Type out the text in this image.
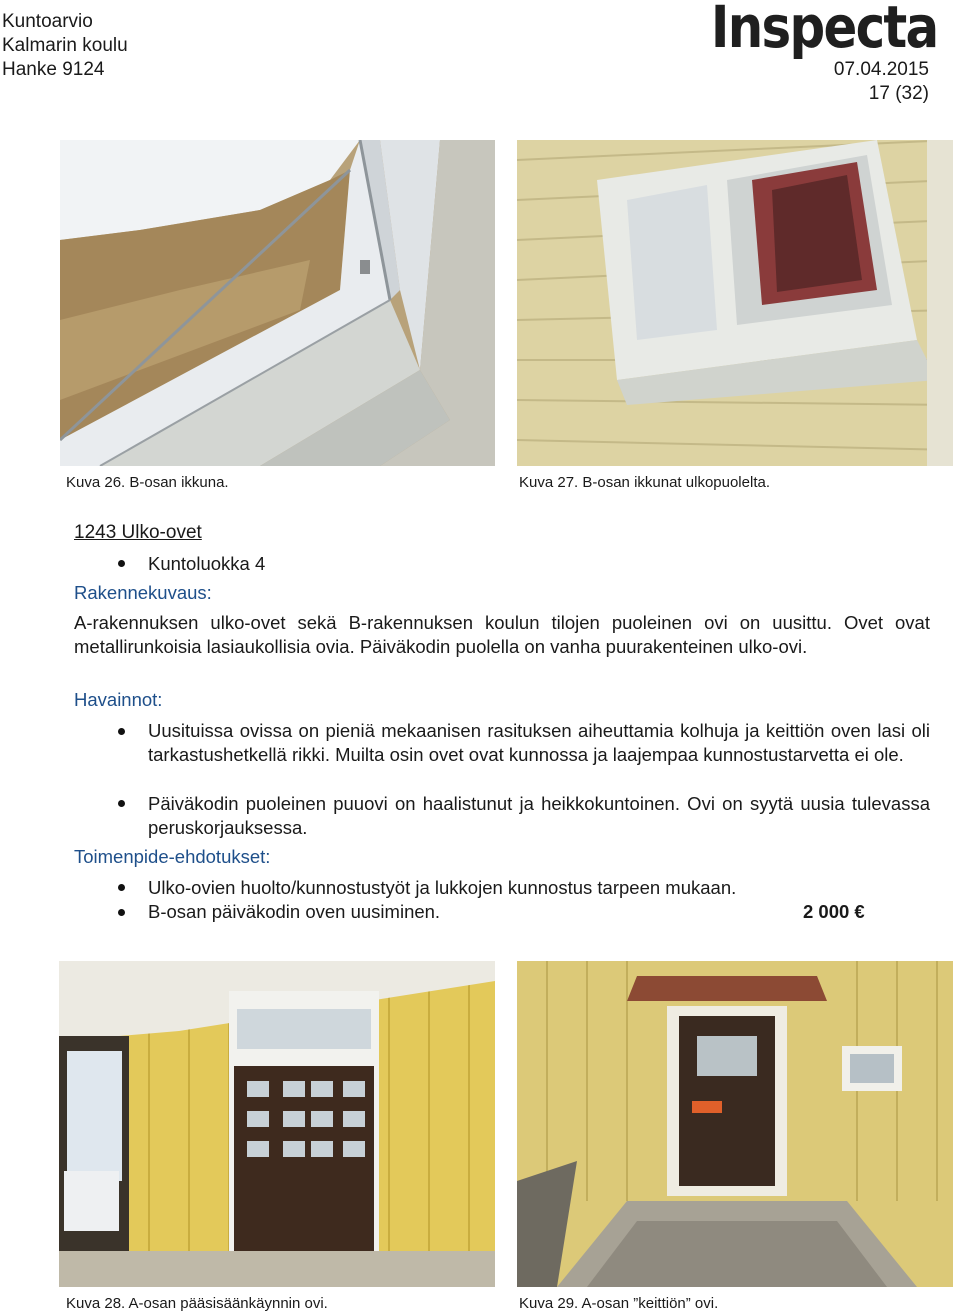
Kuntoarvio
Kalmarin koulu
Hanke 9124
Inspecta
07.04.2015
17 (32)
Kuva 26. B-osan ikkuna.	Kuva 27. B-osan ikkunat ulkopuolelta.
1243 Ulko-ovet
Kuntoluokka 4
Rakennekuvaus:
A-rakennuksen ulko-ovet sekä B-rakennuksen koulun tilojen puoleinen ovi on uusittu. Ovet ovat metallirunkoisia lasiaukollisia ovia. Päiväkodin puolella on vanha puurakenteinen ulko-ovi.
Havainnot:
Uusituissa ovissa on pieniä mekaanisen rasituksen aiheuttamia kolhuja ja keittiön oven lasi oli tarkastushetkellä rikki. Muilta osin ovet ovat kunnossa ja laajempaa kunnostustarvetta ei ole.
Päiväkodin puoleinen puuovi on haalistunut ja heikkokuntoinen. Ovi on syytä uusia tulevassa peruskorjauksessa.
Toimenpide-ehdotukset:
Ulko-ovien huolto/kunnostustyöt ja lukkojen kunnostus tarpeen mukaan.
B-osan päiväkodin oven uusiminen.	2 000 €
Kuva 28. A-osan pääsisäänkäynnin ovi.	Kuva 29. A-osan ”keittiön” ovi.
